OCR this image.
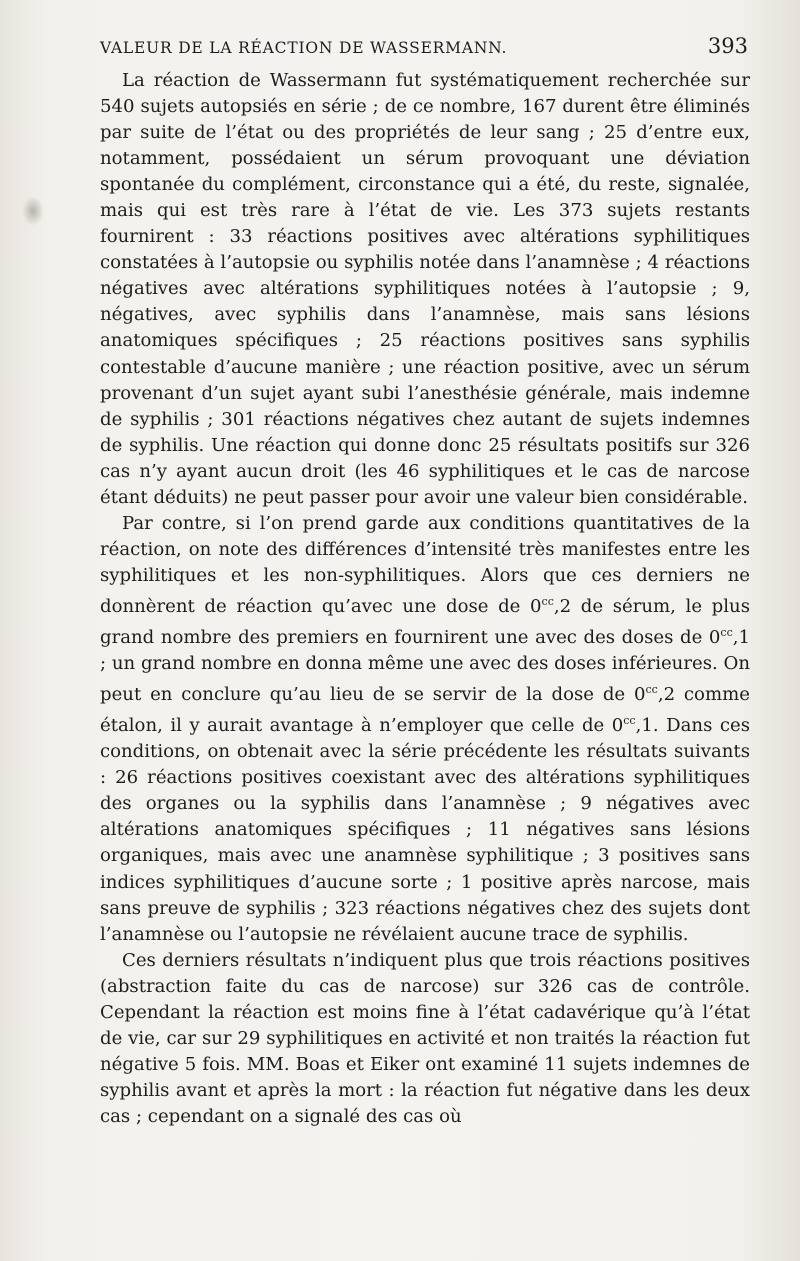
VALEUR DE LA RÉACTION DE WASSERMANN.	393

La réaction de Wassermann fut systématiquement recherchée sur 540 sujets autopsiés en série ; de ce nombre, 167 durent être éliminés par suite de l’état ou des propriétés de leur sang ; 25 d’entre eux, notamment, possédaient un sérum provoquant une déviation spontanée du complément, circonstance qui a été, du reste, signalée, mais qui est très rare à l’état de vie. Les 373 sujets restants fournirent : 33 réactions positives avec altérations syphilitiques constatées à l’autopsie ou syphilis notée dans l’anamnèse ; 4 réactions négatives avec altérations syphilitiques notées à l’autopsie ; 9, négatives, avec syphilis dans l’anamnèse, mais sans lésions anatomiques spécifiques ; 25 réactions positives sans syphilis contestable d’aucune manière ; une réaction positive, avec un sérum provenant d’un sujet ayant subi l’anesthésie générale, mais indemne de syphilis ; 301 réactions négatives chez autant de sujets indemnes de syphilis. Une réaction qui donne donc 25 résultats positifs sur 326 cas n’y ayant aucun droit (les 46 syphilitiques et le cas de narcose étant déduits) ne peut passer pour avoir une valeur bien considérable.

Par contre, si l’on prend garde aux conditions quantitatives de la réaction, on note des différences d’intensité très manifestes entre les syphilitiques et les non-syphilitiques. Alors que ces derniers ne donnèrent de réaction qu’avec une dose de $0^{cc},2$ de sérum, le plus grand nombre des premiers en fournirent une avec des doses de $0^{cc},1$ ; un grand nombre en donna même une avec des doses inférieures. On peut en conclure qu’au lieu de se servir de la dose de $0^{cc},2$ comme étalon, il y aurait avantage à n’employer que celle de $0^{cc},1$. Dans ces conditions, on obtenait avec la série précédente les résultats suivants : 26 réactions positives coexistant avec des altérations syphilitiques des organes ou la syphilis dans l’anamnèse ; 9 négatives avec altérations anatomiques spécifiques ; 11 négatives sans lésions organiques, mais avec une anamnèse syphilitique ; 3 positives sans indices syphilitiques d’aucune sorte ; 1 positive après narcose, mais sans preuve de syphilis ; 323 réactions négatives chez des sujets dont l’anamnèse ou l’autopsie ne révélaient aucune trace de syphilis.

Ces derniers résultats n’indiquent plus que trois réactions positives (abstraction faite du cas de narcose) sur 326 cas de contrôle. Cependant la réaction est moins fine à l’état cadavérique qu’à l’état de vie, car sur 29 syphilitiques en activité et non traités la réaction fut négative 5 fois. MM. Boas et Eiker ont examiné 11 sujets indemnes de syphilis avant et après la mort : la réaction fut négative dans les deux cas ; cependant on a signalé des cas où
